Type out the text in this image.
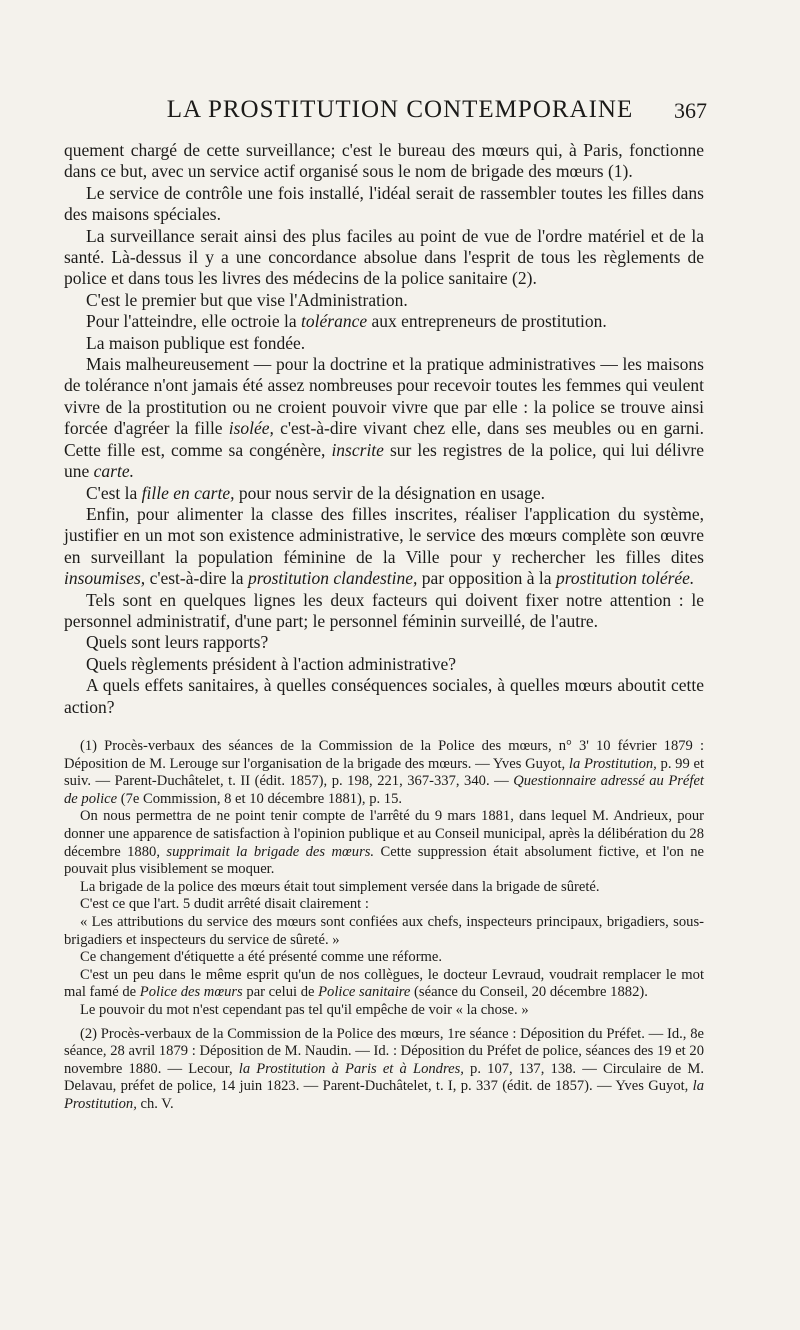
LA PROSTITUTION CONTEMPORAINE	367

quement chargé de cette surveillance; c'est le bureau des mœurs qui, à Paris, fonctionne dans ce but, avec un service actif organisé sous le nom de brigade des mœurs (1).

Le service de contrôle une fois installé, l'idéal serait de rassembler toutes les filles dans des maisons spéciales.

La surveillance serait ainsi des plus faciles au point de vue de l'ordre matériel et de la santé. Là-dessus il y a une concordance absolue dans l'esprit de tous les règlements de police et dans tous les livres des médecins de la police sanitaire (2).

C'est le premier but que vise l'Administration.

Pour l'atteindre, elle octroie la tolérance aux entrepreneurs de prostitution.

La maison publique est fondée.

Mais malheureusement — pour la doctrine et la pratique administratives — les maisons de tolérance n'ont jamais été assez nombreuses pour recevoir toutes les femmes qui veulent vivre de la prostitution ou ne croient pouvoir vivre que par elle : la police se trouve ainsi forcée d'agréer la fille isolée, c'est-à-dire vivant chez elle, dans ses meubles ou en garni. Cette fille est, comme sa congénère, inscrite sur les registres de la police, qui lui délivre une carte.

C'est la fille en carte, pour nous servir de la désignation en usage.

Enfin, pour alimenter la classe des filles inscrites, réaliser l'application du système, justifier en un mot son existence administrative, le service des mœurs complète son œuvre en surveillant la population féminine de la Ville pour y rechercher les filles dites insoumises, c'est-à-dire la prostitution clandestine, par opposition à la prostitution tolérée.

Tels sont en quelques lignes les deux facteurs qui doivent fixer notre attention : le personnel administratif, d'une part; le personnel féminin surveillé, de l'autre.

Quels sont leurs rapports?

Quels règlements président à l'action administrative?

A quels effets sanitaires, à quelles conséquences sociales, à quelles mœurs aboutit cette action?

(1) Procès-verbaux des séances de la Commission de la Police des mœurs, n° 3' 10 février 1879 : Déposition de M. Lerouge sur l'organisation de la brigade des mœurs. — Yves Guyot, la Prostitution, p. 99 et suiv. — Parent-Duchâtelet, t. II (édit. 1857), p. 198, 221, 367-337, 340. — Questionnaire adressé au Préfet de police (7e Commission, 8 et 10 décembre 1881), p. 15.

On nous permettra de ne point tenir compte de l'arrêté du 9 mars 1881, dans lequel M. Andrieux, pour donner une apparence de satisfaction à l'opinion publique et au Conseil municipal, après la délibération du 28 décembre 1880, supprimait la brigade des mœurs. Cette suppression était absolument fictive, et l'on ne pouvait plus visiblement se moquer.

La brigade de la police des mœurs était tout simplement versée dans la brigade de sûreté.

C'est ce que l'art. 5 dudit arrêté disait clairement :

« Les attributions du service des mœurs sont confiées aux chefs, inspecteurs principaux, brigadiers, sous-brigadiers et inspecteurs du service de sûreté. »

Ce changement d'étiquette a été présenté comme une réforme.

C'est un peu dans le même esprit qu'un de nos collègues, le docteur Levraud, voudrait remplacer le mot mal famé de Police des mœurs par celui de Police sanitaire (séance du Conseil, 20 décembre 1882).

Le pouvoir du mot n'est cependant pas tel qu'il empêche de voir « la chose. »

(2) Procès-verbaux de la Commission de la Police des mœurs, 1re séance : Déposition du Préfet. — Id., 8e séance, 28 avril 1879 : Déposition de M. Naudin. — Id. : Déposition du Préfet de police, séances des 19 et 20 novembre 1880. — Lecour, la Prostitution à Paris et à Londres, p. 107, 137, 138. — Circulaire de M. Delavau, préfet de police, 14 juin 1823. — Parent-Duchâtelet, t. I, p. 337 (édit. de 1857). — Yves Guyot, la Prostitution, ch. V.
